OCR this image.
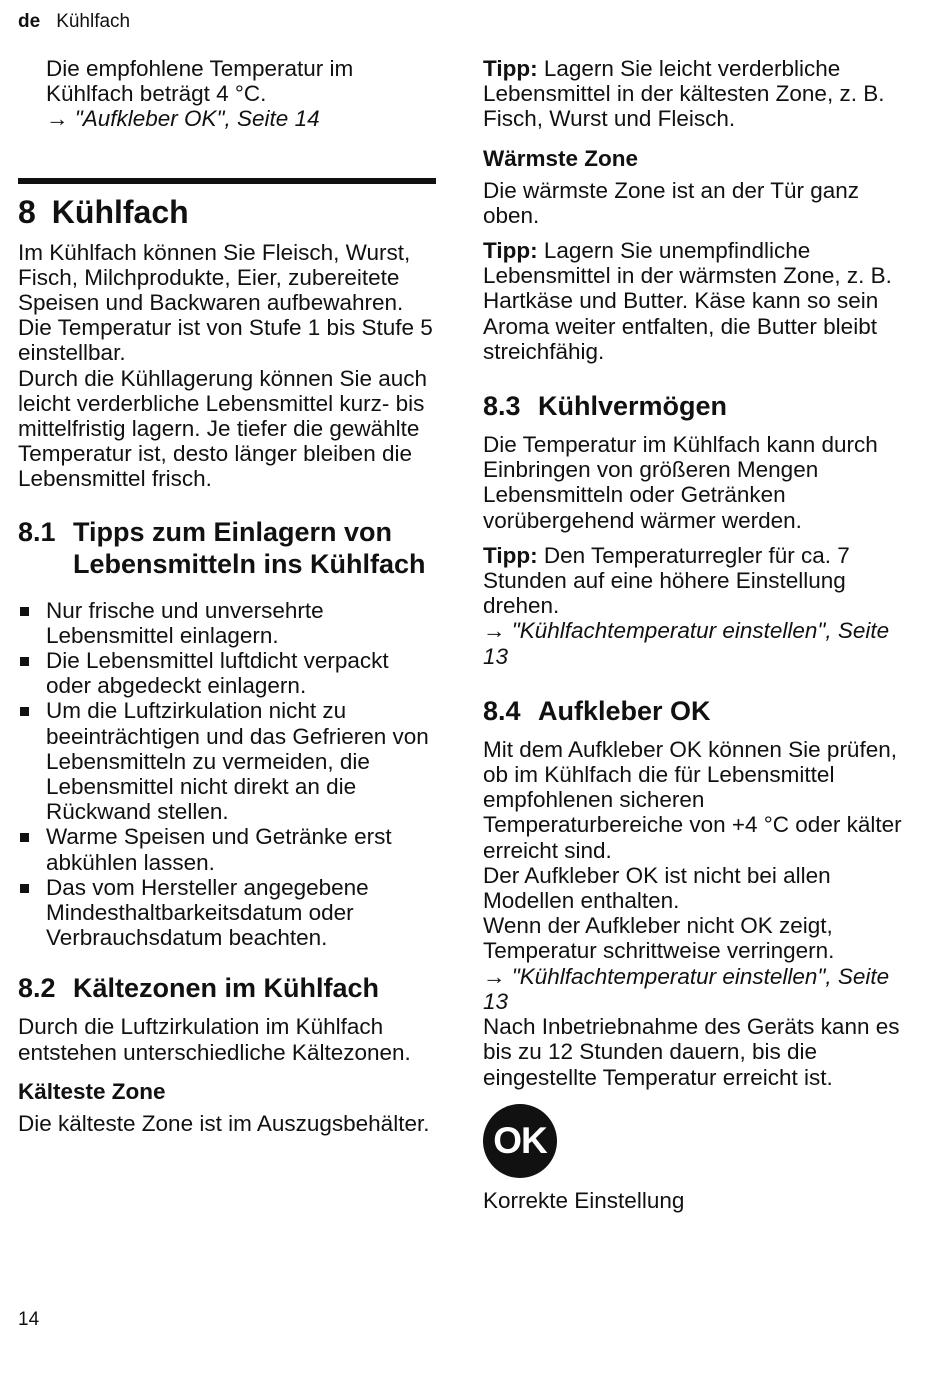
de Kühlfach

Die empfohlene Temperatur im Kühlfach beträgt 4 °C.

→ "Aufkleber OK", Seite 14

8 Kühlfach

Im Kühlfach können Sie Fleisch, Wurst, Fisch, Milchprodukte, Eier, zubereitete Speisen und Backwaren aufbewahren.

Die Temperatur ist von Stufe 1 bis Stufe 5 einstellbar.

Durch die Kühllagerung können Sie auch leicht verderbliche Lebensmittel kurz- bis mittelfristig lagern. Je tiefer die gewählte Temperatur ist, desto länger bleiben die Lebensmittel frisch.

8.1 Tipps zum Einlagern von Lebensmitteln ins Kühlfach
Nur frische und unversehrte Lebensmittel einlagern.
Die Lebensmittel luftdicht verpackt oder abgedeckt einlagern.
Um die Luftzirkulation nicht zu beeinträchtigen und das Gefrieren von Lebensmitteln zu vermeiden, die Lebensmittel nicht direkt an die Rückwand stellen.
Warme Speisen und Getränke erst abkühlen lassen.
Das vom Hersteller angegebene Mindesthaltbarkeitsdatum oder Verbrauchsdatum beachten.
8.2 Kältezonen im Kühlfach

Durch die Luftzirkulation im Kühlfach entstehen unterschiedliche Kältezonen.

Kälteste Zone

Die kälteste Zone ist im Auszugsbehälter.

Tipp: Lagern Sie leicht verderbliche Lebensmittel in der kältesten Zone, z. B. Fisch, Wurst und Fleisch.

Wärmste Zone

Die wärmste Zone ist an der Tür ganz oben.

Tipp: Lagern Sie unempfindliche Lebensmittel in der wärmsten Zone, z. B. Hartkäse und Butter. Käse kann so sein Aroma weiter entfalten, die Butter bleibt streichfähig.

8.3 Kühlvermögen

Die Temperatur im Kühlfach kann durch Einbringen von größeren Mengen Lebensmitteln oder Getränken vorübergehend wärmer werden.

Tipp: Den Temperaturregler für ca. 7 Stunden auf eine höhere Einstellung drehen.

→ "Kühlfachtemperatur einstellen", Seite 13

8.4 Aufkleber OK

Mit dem Aufkleber OK können Sie prüfen, ob im Kühlfach die für Lebensmittel empfohlenen sicheren Temperaturbereiche von +4 °C oder kälter erreicht sind.

Der Aufkleber OK ist nicht bei allen Modellen enthalten.

Wenn der Aufkleber nicht OK zeigt, Temperatur schrittweise verringern.

→ "Kühlfachtemperatur einstellen", Seite 13

Nach Inbetriebnahme des Geräts kann es bis zu 12 Stunden dauern, bis die eingestellte Temperatur erreicht ist.

OK

Korrekte Einstellung

14
